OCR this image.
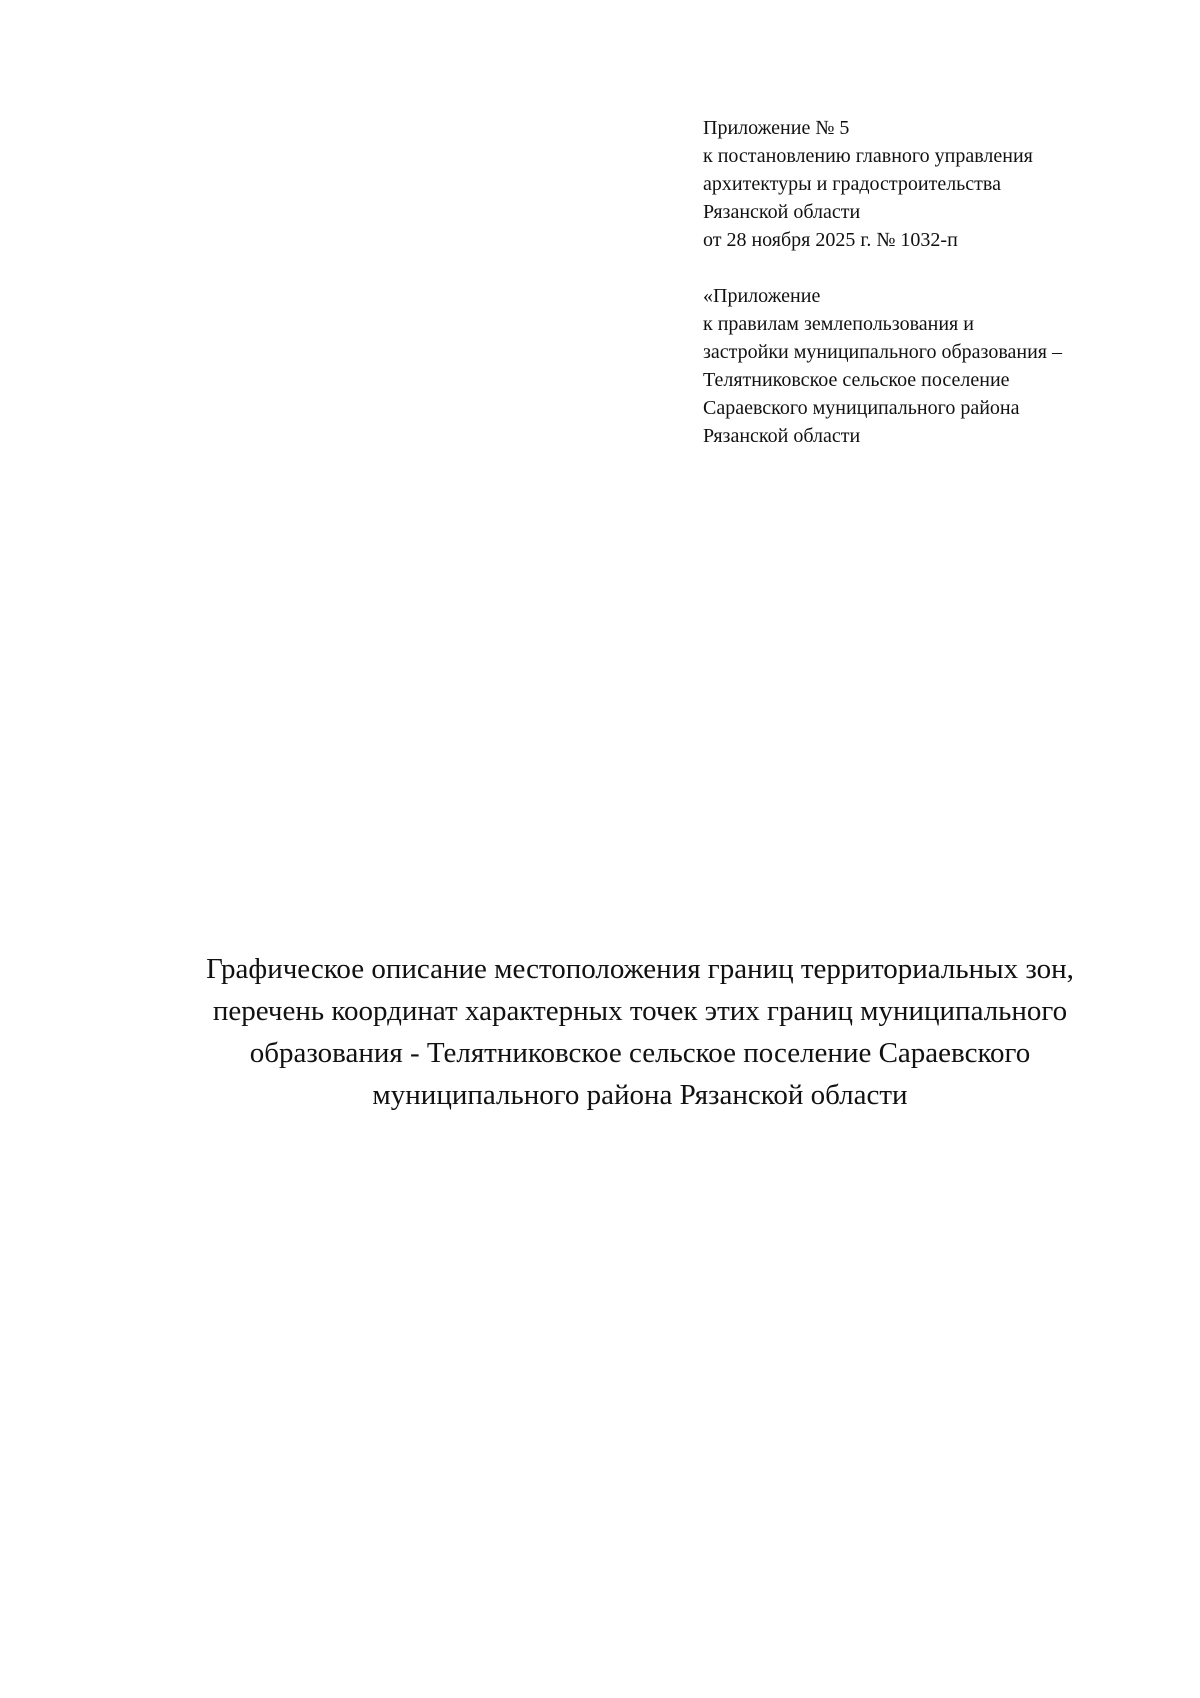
Приложение № 5
к постановлению главного управления
архитектуры и градостроительства
Рязанской области
от 28 ноября 2025 г. № 1032-п
«Приложение
к правилам землепользования и
застройки муниципального образования –
Телятниковское сельское поселение
Сараевского муниципального района
Рязанской области
Графическое описание местоположения границ территориальных зон,
перечень координат характерных точек этих границ муниципального
образования - Телятниковское сельское поселение Сараевского
муниципального района Рязанской области
